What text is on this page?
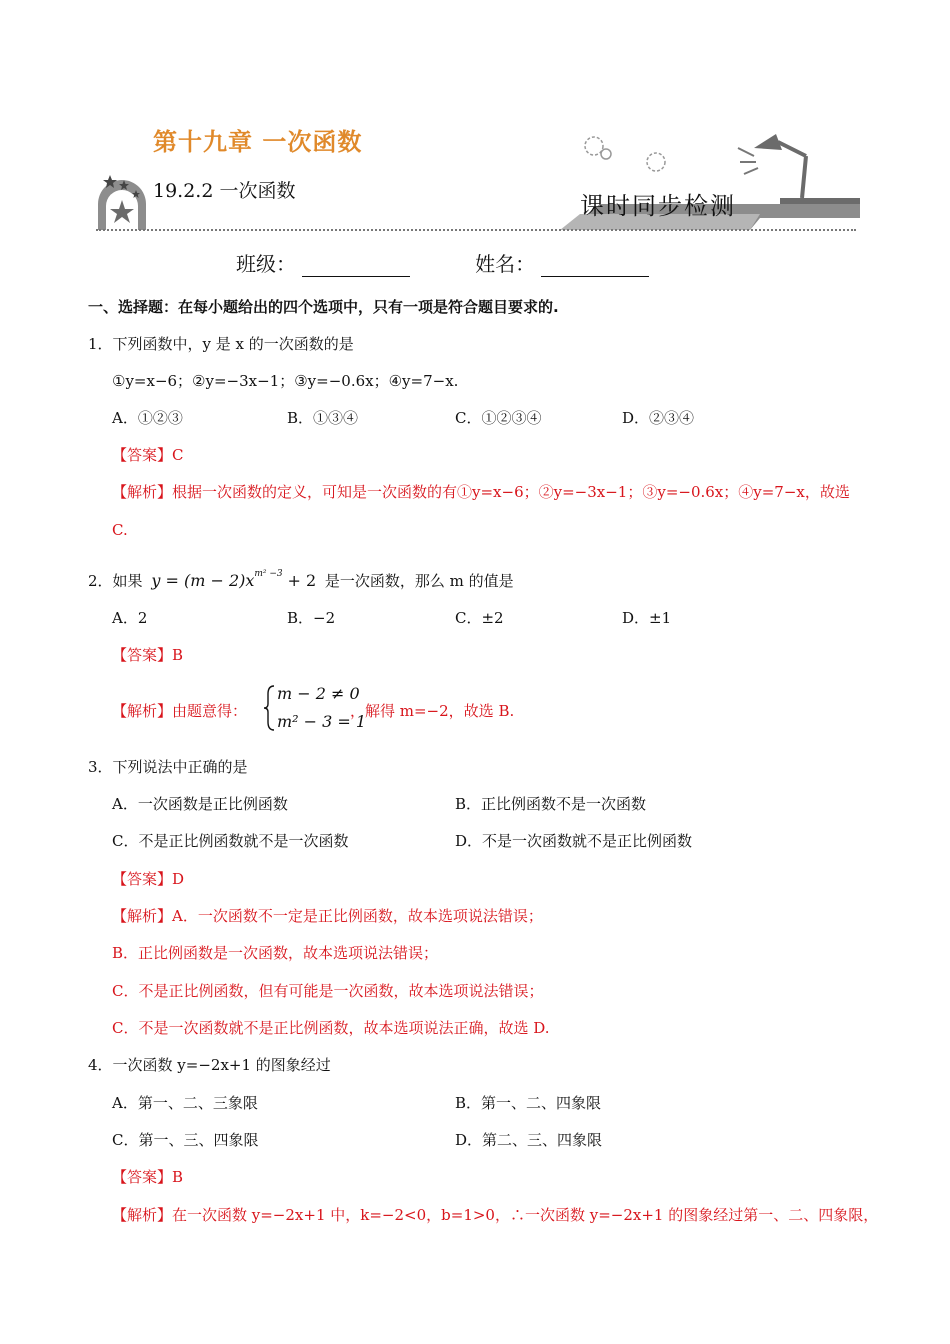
第十九章 一次函数
19.2.2 一次函数
课时同步检测
班级：	姓名：
一、选择题：在每小题给出的四个选项中，只有一项是符合题目要求的.
1．下列函数中，y 是 x 的一次函数的是
①y=x−6；②y=−3x−1；③y=−0.6x；④y=7−x.
A．①②③	B．①③④	C．①②③④	D．②③④
【答案】C
【解析】根据一次函数的定义，可知是一次函数的有①y=x−6；②y=−3x−1；③y=−0.6x；④y=7−x，故选
C.
2．如果 $y = (m - 2)x^{m^2 -3} + 2$ 是一次函数，那么 m 的值是
A．2	B．−2	C．±2	D．±1
【答案】B
【解析】由题意得：
m − 2 ≠ 0
m² − 3 = 1
，解得 m=−2，故选 B.
3．下列说法中正确的是
A．一次函数是正比例函数	B．正比例函数不是一次函数
C．不是正比例函数就不是一次函数	D．不是一次函数就不是正比例函数
【答案】D
【解析】A．一次函数不一定是正比例函数，故本选项说法错误；
B．正比例函数是一次函数，故本选项说法错误；
C．不是正比例函数，但有可能是一次函数，故本选项说法错误；
C．不是一次函数就不是正比例函数，故本选项说法正确，故选 D.
4．一次函数 y=−2x+1 的图象经过
A．第一、二、三象限	B．第一、二、四象限
C．第一、三、四象限	D．第二、三、四象限
【答案】B
【解析】在一次函数 y=−2x+1 中，k=−2<0，b=1>0，∴一次函数 y=−2x+1 的图象经过第一、二、四象限，
